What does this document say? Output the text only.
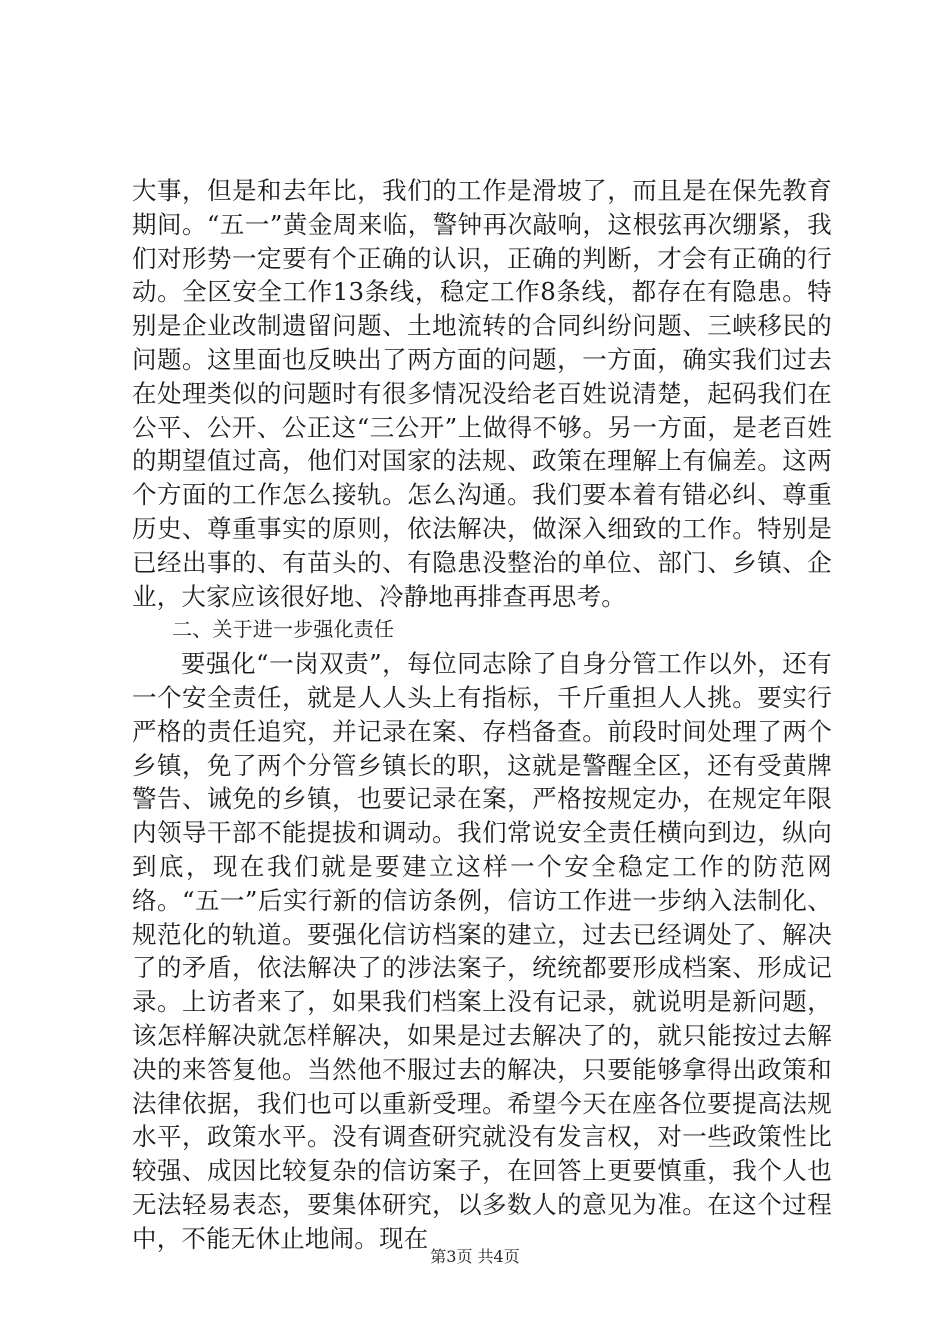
大事，但是和去年比，我们的工作是滑坡了，而且是在保先教育期间。“五一”黄金周来临，警钟再次敲响，这根弦再次绷紧，我们对形势一定要有个正确的认识，正确的判断，才会有正确的行动。全区安全工作13条线，稳定工作8条线，都存在有隐患。特别是企业改制遗留问题、土地流转的合同纠纷问题、三峡移民的问题。这里面也反映出了两方面的问题，一方面，确实我们过去在处理类似的问题时有很多情况没给老百姓说清楚，起码我们在公平、公开、公正这“三公开”上做得不够。另一方面，是老百姓的期望值过高，他们对国家的法规、政策在理解上有偏差。这两个方面的工作怎么接轨。怎么沟通。我们要本着有错必纠、尊重历史、尊重事实的原则，依法解决，做深入细致的工作。特别是已经出事的、有苗头的、有隐患没整治的单位、部门、乡镇、企业，大家应该很好地、冷静地再排查再思考。

二、关于进一步强化责任

要强化“一岗双责”，每位同志除了自身分管工作以外，还有一个安全责任，就是人人头上有指标，千斤重担人人挑。要实行严格的责任追究，并记录在案、存档备查。前段时间处理了两个乡镇，免了两个分管乡镇长的职，这就是警醒全区，还有受黄牌警告、诫免的乡镇，也要记录在案，严格按规定办，在规定年限内领导干部不能提拔和调动。我们常说安全责任横向到边，纵向到底，现在我们就是要建立这样一个安全稳定工作的防范网络。“五一”后实行新的信访条例，信访工作进一步纳入法制化、规范化的轨道。要强化信访档案的建立，过去已经调处了、解决了的矛盾，依法解决了的涉法案子，统统都要形成档案、形成记录。上访者来了，如果我们档案上没有记录，就说明是新问题，该怎样解决就怎样解决，如果是过去解决了的，就只能按过去解决的来答复他。当然他不服过去的解决，只要能够拿得出政策和法律依据，我们也可以重新受理。希望今天在座各位要提高法规水平，政策水平。没有调查研究就没有发言权，对一些政策性比较强、成因比较复杂的信访案子，在回答上更要慎重，我个人也无法轻易表态，要集体研究，以多数人的意见为准。在这个过程中，不能无休止地闹。现在

第3页 共4页
